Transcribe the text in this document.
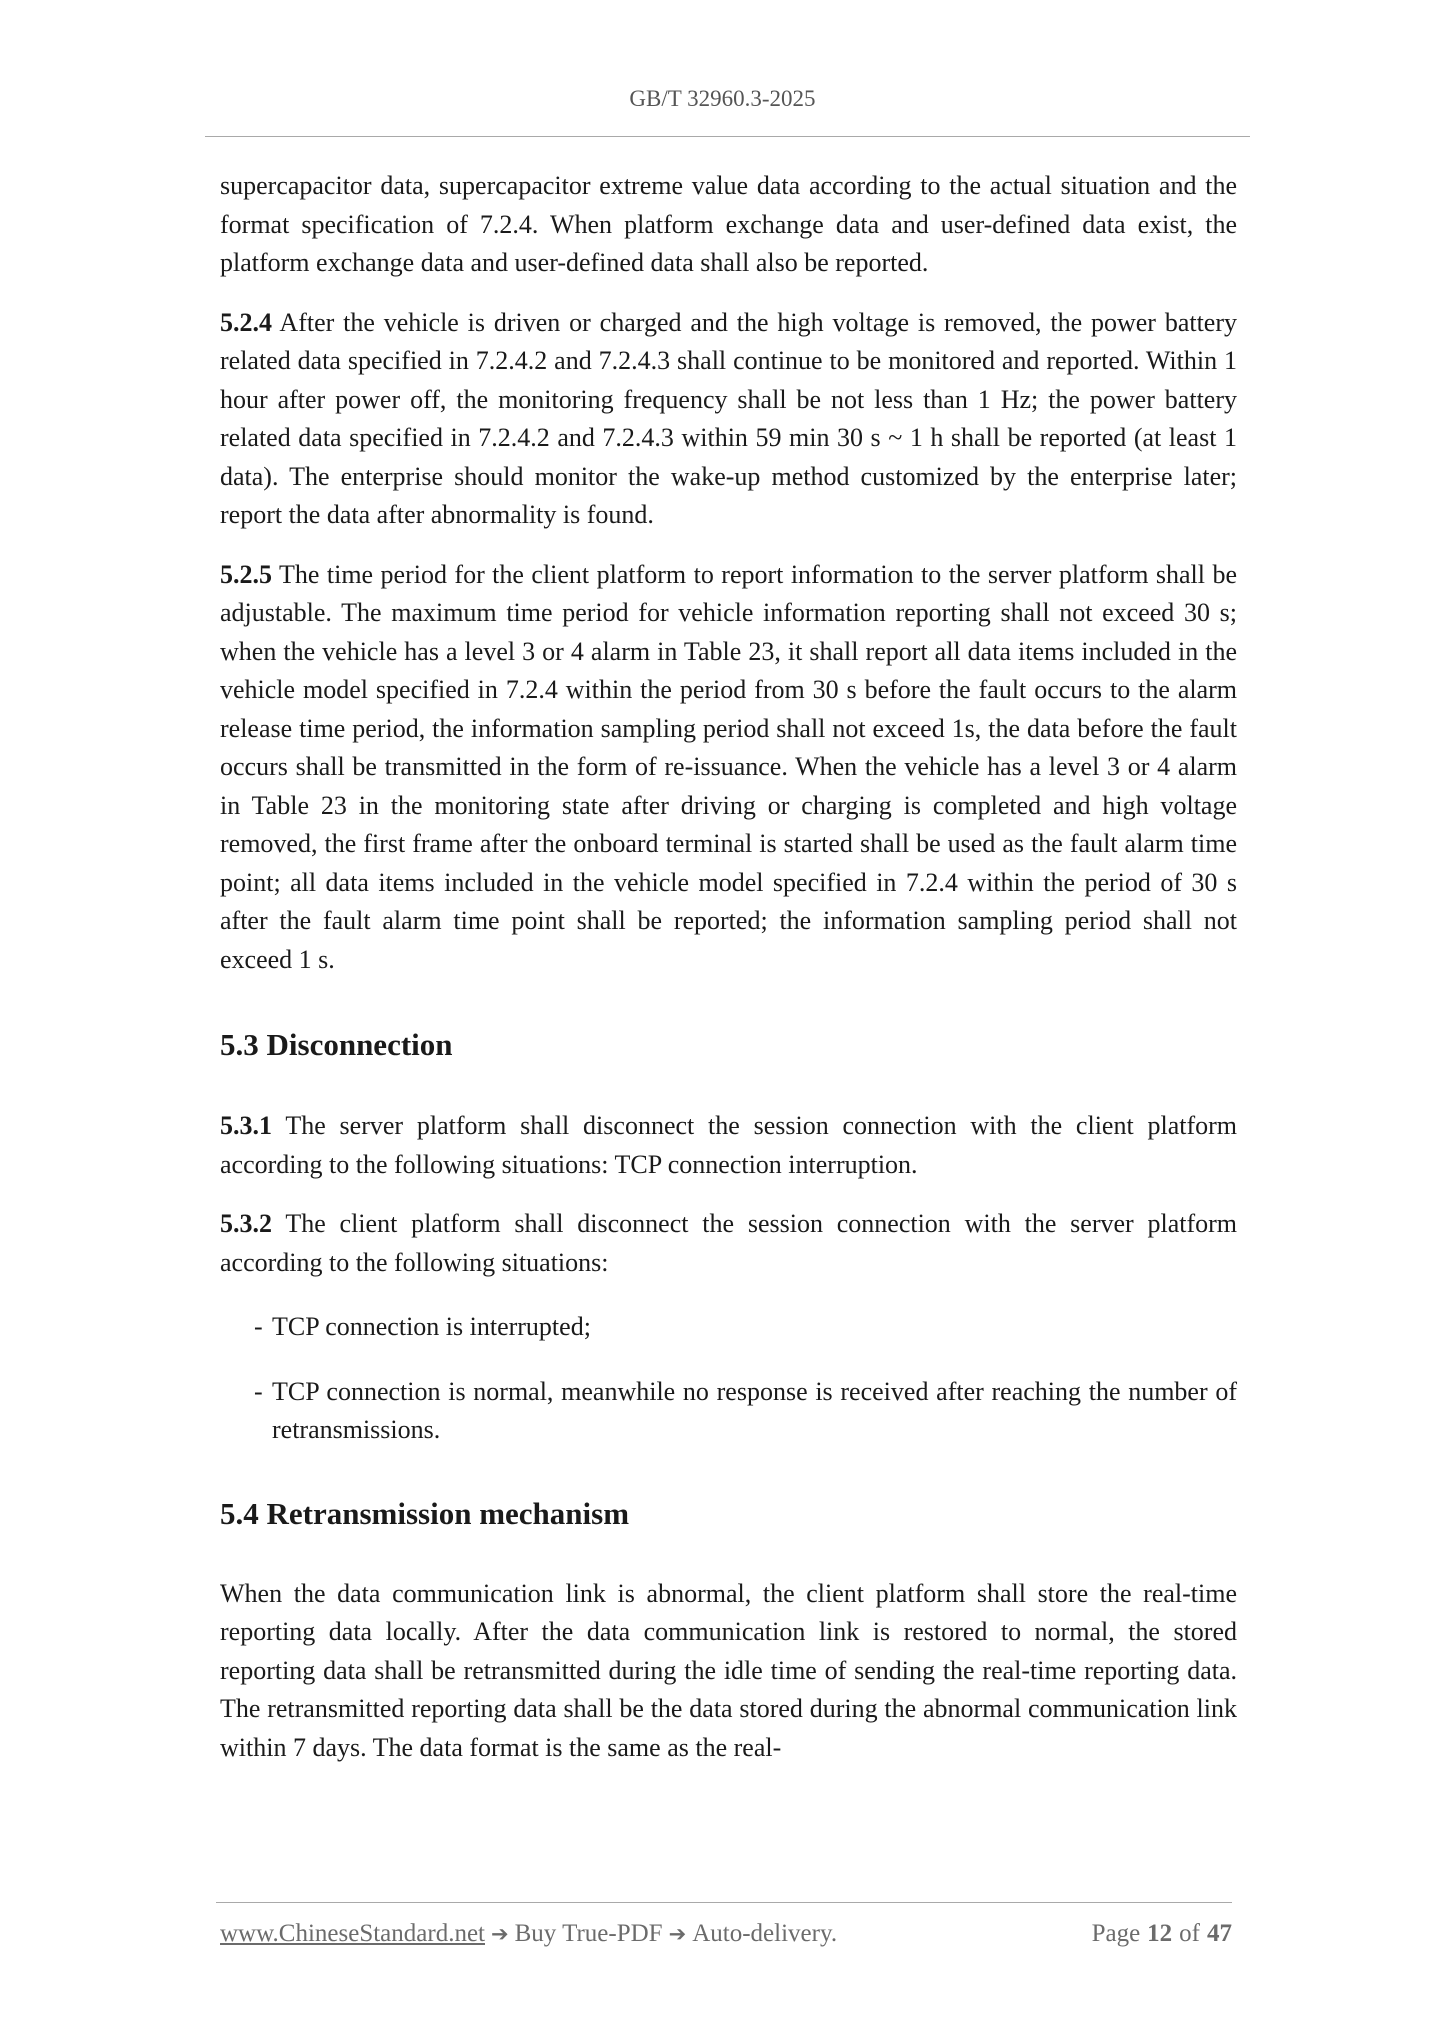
GB/T 32960.3-2025

supercapacitor data, supercapacitor extreme value data according to the actual situation and the format specification of 7.2.4. When platform exchange data and user-defined data exist, the platform exchange data and user-defined data shall also be reported.

5.2.4 After the vehicle is driven or charged and the high voltage is removed, the power battery related data specified in 7.2.4.2 and 7.2.4.3 shall continue to be monitored and reported. Within 1 hour after power off, the monitoring frequency shall be not less than 1 Hz; the power battery related data specified in 7.2.4.2 and 7.2.4.3 within 59 min 30 s ~ 1 h shall be reported (at least 1 data). The enterprise should monitor the wake-up method customized by the enterprise later; report the data after abnormality is found.

5.2.5 The time period for the client platform to report information to the server platform shall be adjustable. The maximum time period for vehicle information reporting shall not exceed 30 s; when the vehicle has a level 3 or 4 alarm in Table 23, it shall report all data items included in the vehicle model specified in 7.2.4 within the period from 30 s before the fault occurs to the alarm release time period, the information sampling period shall not exceed 1s, the data before the fault occurs shall be transmitted in the form of re-issuance. When the vehicle has a level 3 or 4 alarm in Table 23 in the monitoring state after driving or charging is completed and high voltage removed, the first frame after the onboard terminal is started shall be used as the fault alarm time point; all data items included in the vehicle model specified in 7.2.4 within the period of 30 s after the fault alarm time point shall be reported; the information sampling period shall not exceed 1 s.

5.3 Disconnection

5.3.1 The server platform shall disconnect the session connection with the client platform according to the following situations: TCP connection interruption.

5.3.2 The client platform shall disconnect the session connection with the server platform according to the following situations:

- TCP connection is interrupted;
- TCP connection is normal, meanwhile no response is received after reaching the number of retransmissions.
5.4 Retransmission mechanism

When the data communication link is abnormal, the client platform shall store the real-time reporting data locally. After the data communication link is restored to normal, the stored reporting data shall be retransmitted during the idle time of sending the real-time reporting data. The retransmitted reporting data shall be the data stored during the abnormal communication link within 7 days. The data format is the same as the real-

www.ChineseStandard.net ➔ Buy True-PDF ➔ Auto-delivery.	Page 12 of 47
